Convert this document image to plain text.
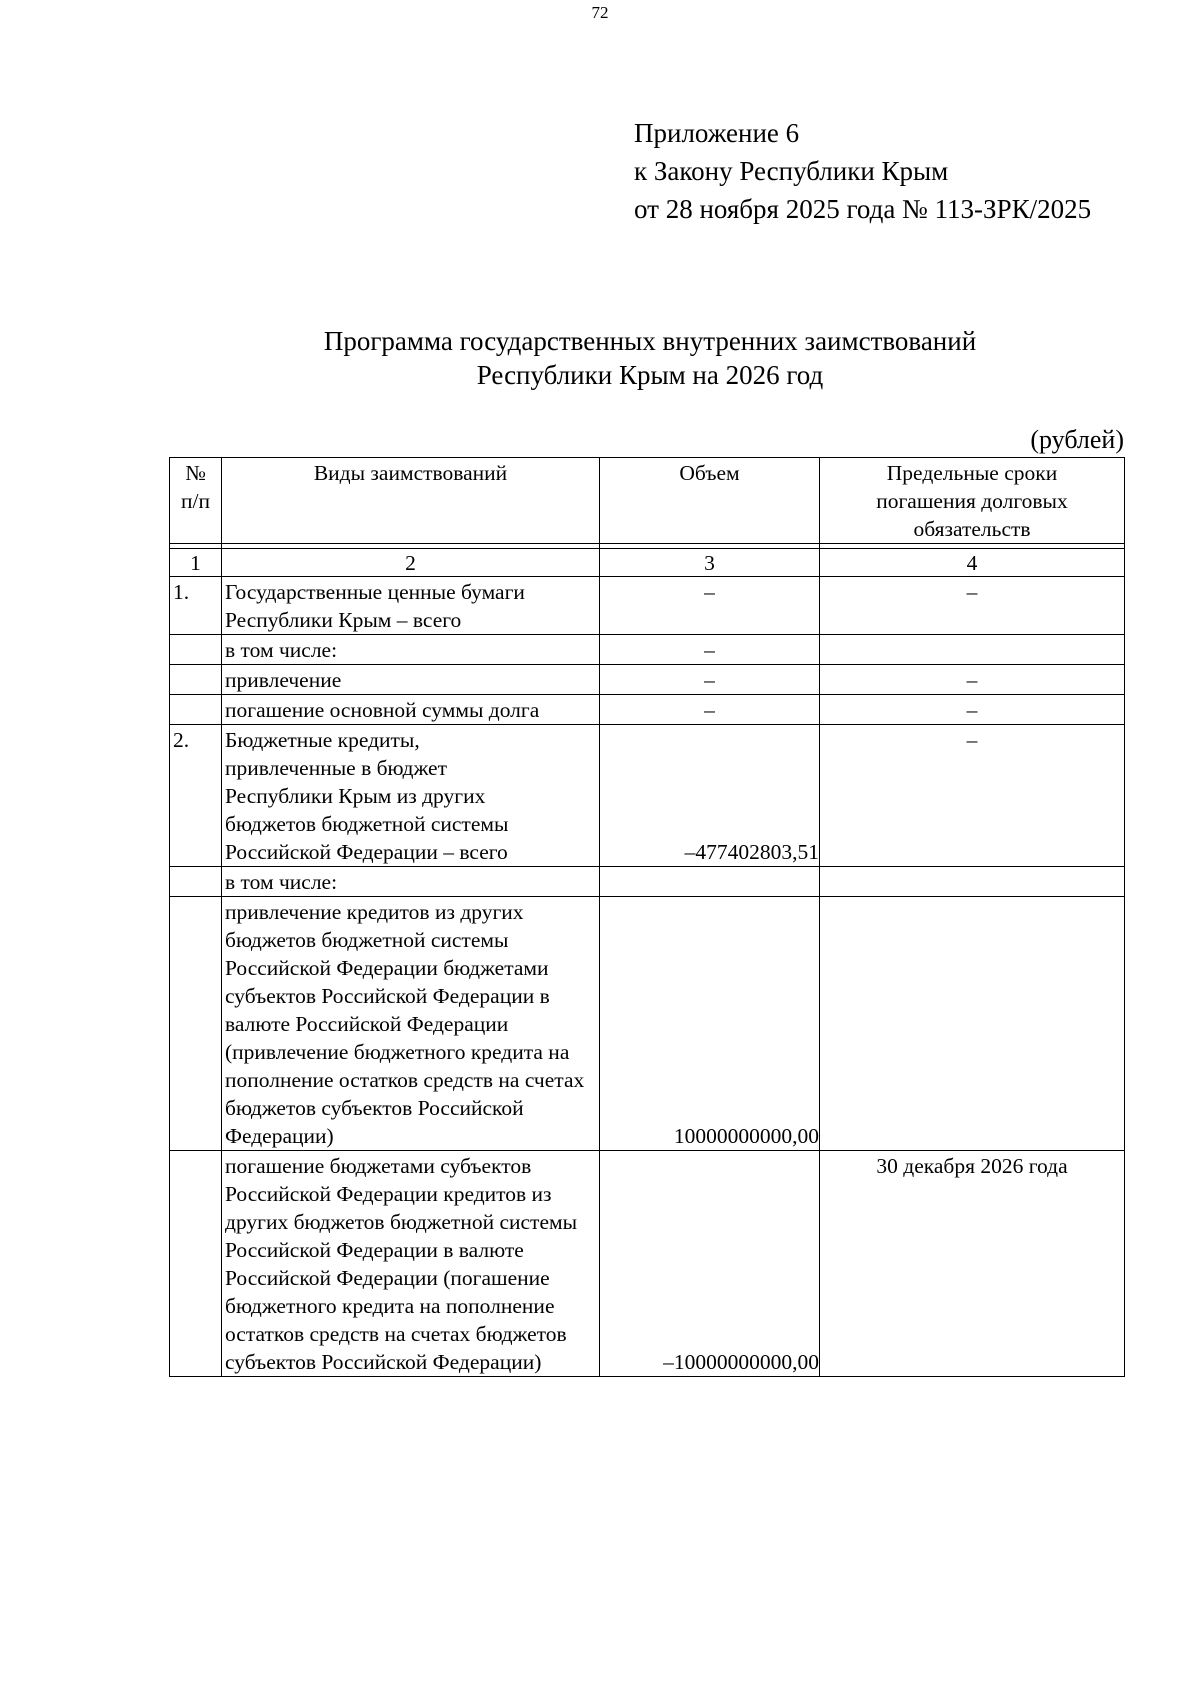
72
Приложение 6
к Закону Республики Крым
от 28 ноября 2025 года № 113-ЗРК/2025
Программа государственных внутренних заимствований
Республики Крым на 2026 год
(рублей)
№ п/п	Виды заимствований	Объем	Предельные сроки погашения долговых обязательств

1	2	3	4
1.	Государственные ценные бумаги Республики Крым – всего	–	–
	в том числе:	–	
	привлечение	–	–
	погашение основной суммы долга	–	–
2.	Бюджетные кредиты, привлеченные в бюджет Республики Крым из других бюджетов бюджетной системы Российской Федерации – всего	–477402803,51	–
	в том числе:		
	привлечение кредитов из других бюджетов бюджетной системы Российской Федерации бюджетами субъектов Российской Федерации в валюте Российской Федерации (привлечение бюджетного кредита на пополнение остатков средств на счетах бюджетов субъектов Российской Федерации)	10000000000,00	

	погашение бюджетами субъектов Российской Федерации кредитов из других бюджетов бюджетной системы Российской Федерации в валюте Российской Федерации (погашение бюджетного кредита на пополнение остатков средств на счетах бюджетов субъектов Российской Федерации)	–10000000000,00	30 декабря 2026 года
